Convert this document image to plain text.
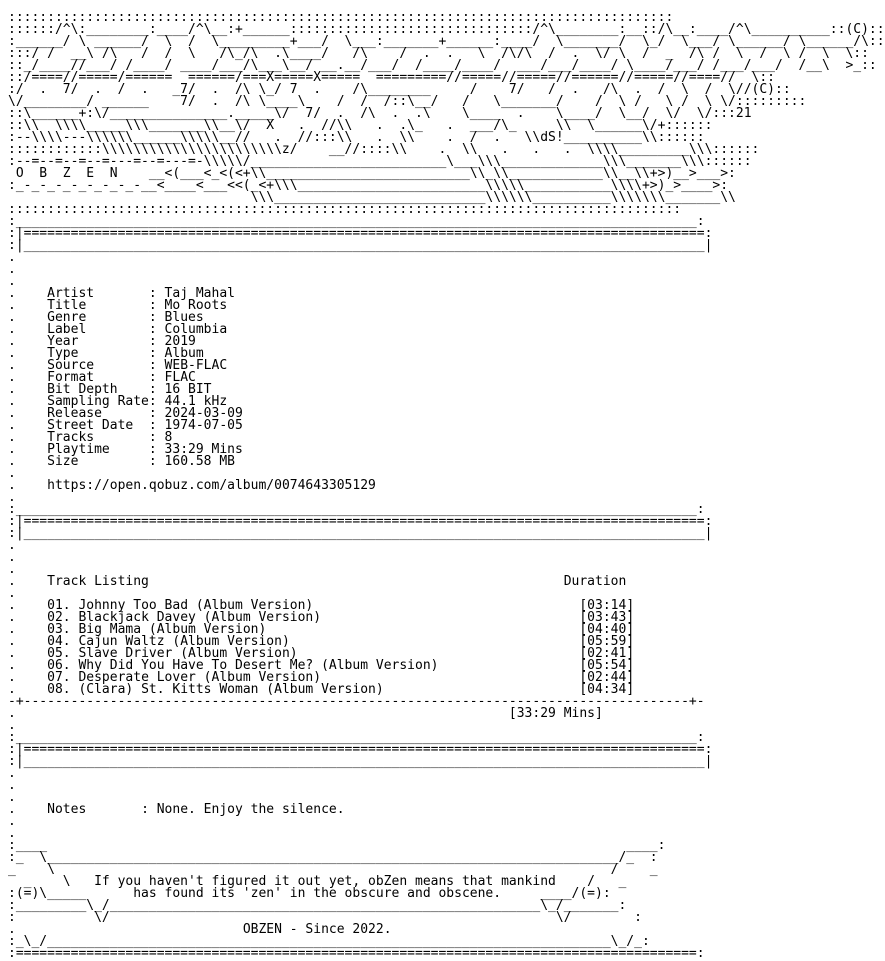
:::::::::::::::::::::::::::::::::::::::::::::::::::::::::::::::::::::::::::::::::::::
::::::/^\:________:____/^\__:+______:::::::::::::::::::::::::::::::/^\________:__::/\__:____/^\__________::(C)::
:______/ \ ______/  \  /  \_________+___/  \___:_______+______:____/  \_______/  \_/  \___/ \______/ \______/\::
:::/ /  __\ /\   /  /  \   /\_/\  .\____/   /\    /  .  .   \  /\/\  /  .  \/ \  /  _  /\ /  \  /  \ /  \  \::
::_/____//___/ /____/ ____/___/\___\__/ __.__/___/  /____/____/  ___/___/____/ \____/___/ /___/___/  /__\  >_::
::/====//=====/======  ======/===X=====X=====  =========//=====//=====//======//=====//====//  \::
:/  .  7/  .  /  .   _7/  .  /\ \_/ 7  .    /\________     /    7/   /  .   /\  .  /  \  /  \//(C)::
\/________/ ______    7/  .  /\ \____\    /  /  /::\__/   /   \_______/    /  \ /   \ /  \ \/:::::::::
::\______+:\/_______________._____\/  7/  .  /\  .  .\    \____  .    \____/  \__/  \/  \/:::21
::\\  \\\\_____\\\_______\\__\/  X   .  //\\   .  .\_   .  ___/\_     \\  \______\/+::::::
:--\\\\---\\\\\\______\\\\\__//   .  //:::\\   .  \\    .  /  .   \\dS!__________\\::::::
::::::::::::\\\\\\\\\\\\\\\\\\\\\\\z/    __//::::\\    .  \\   .   .   .  \\\\_________\\\::::::
:--=--=--=--=---=--=---=-\\\\\/_________________________\___\\\_____________\\\_______\\\::::::
O  B  Z  E  N    __<(___<_<(<+\\__________________________\\_\\____________\\__\\+>)__>___>:
:_-_-_-_-_-_-_-_-__<____<___<<(_<+\\\________________________\\\\\___________\\\\+>)_>____>:
\\\___________________________\\\\\\__________\\\\\\\_______\\
::::::::::::::::::::::::::::::::::::::::::::::::::::::::::::::::::::::::::::::::::::::
:_______________________________________________________________________________________:
:|=======================================================================================:
:|_______________________________________________________________________________________|
.
.
.
.    Artist       : Taj Mahal
.    Title        : Mo Roots
.    Genre        : Blues
.    Label        : Columbia
.    Year         : 2019
.    Type         : Album
.    Source       : WEB-FLAC
.    Format       : FLAC
.    Bit Depth    : 16 BIT
.    Sampling Rate: 44.1 kHz
.    Release      : 2024-03-09
.    Street Date  : 1974-07-05
.    Tracks       : 8
.    Playtime     : 33:29 Mins
.    Size         : 160.58 MB
.
.    https://open.qobuz.com/album/0074643305129
.
:_______________________________________________________________________________________:
:|=======================================================================================:
:|_______________________________________________________________________________________|
.
.
.
.    Track Listing                                                     Duration
.
.    01. Johnny Too Bad (Album Version)                                  [03:14]
.    02. Blackjack Davey (Album Version)                                 [03:43]
.    03. Big Mama (Album Version)                                        [04:40]
.    04. Cajun Waltz (Album Version)                                     [05:59]
.    05. Slave Driver (Album Version)                                    [02:41]
.    06. Why Did You Have To Desert Me? (Album Version)                  [05:54]
.    07. Desperate Lover (Album Version)                                 [02:44]
.    08. (Clara) St. Kitts Woman (Album Version)                         [04:34]
-+-------------------------------------------------------------------------------------+-
.	[33:29 Mins]
.
:_______________________________________________________________________________________:
:|=======================================================================================:
:|_______________________________________________________________________________________|
.
.
.
.    Notes       : None. Enjoy the silence.
.
.
:____                                                                          ____:
:_  \_________________________________________________________________________/_  :
_    \                                                                       /    _
_    \   If you haven't figured it out yet, obZen means that mankind    /   _
:(=)\_____	has found its 'zen' in the obscure and obscene.	____/(=):
:_________\_/_______________________________________________________\_/_______:
:          \/                                                         \/        :
.                             OBZEN - Since 2022.
:_\_/________________________________________________________________________\_/_:
:=======================================================================================:
